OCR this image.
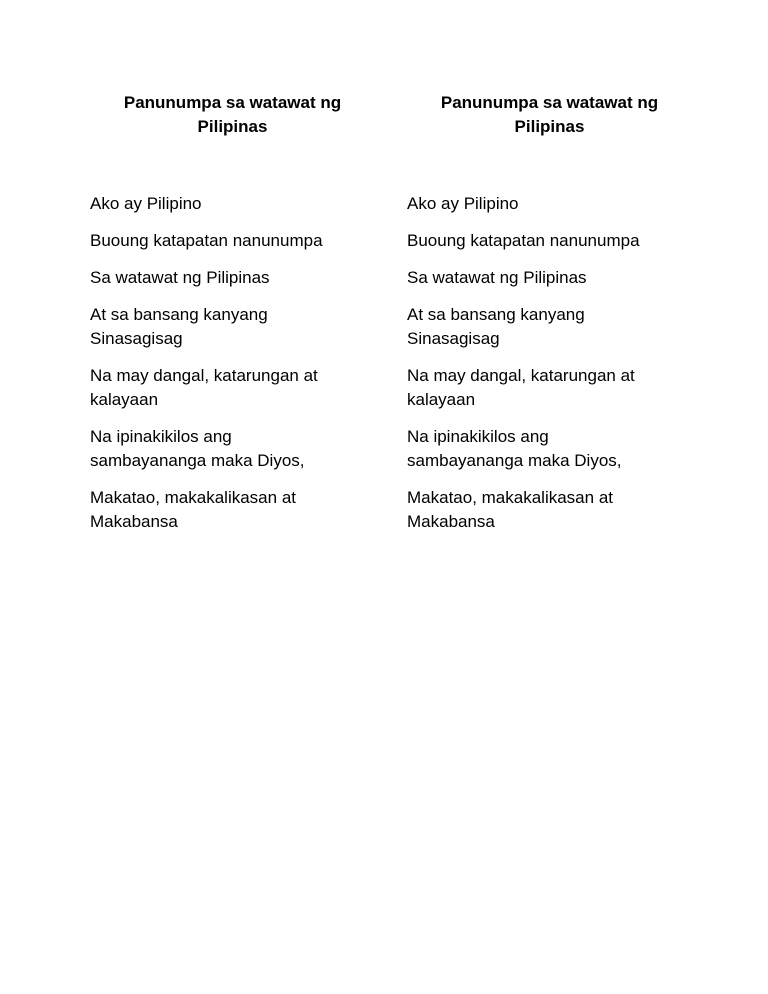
Panunumpa sa watawat ng
Pilipinas

Ako ay Pilipino

Buoung katapatan nanunumpa

Sa watawat ng Pilipinas

At sa bansang kanyang
Sinasagisag

Na may dangal, katarungan at
kalayaan

Na ipinakikilos ang
sambayananga maka Diyos,

Makatao, makakalikasan at
Makabansa

Panunumpa sa watawat ng
Pilipinas

Ako ay Pilipino

Buoung katapatan nanunumpa

Sa watawat ng Pilipinas

At sa bansang kanyang
Sinasagisag

Na may dangal, katarungan at
kalayaan

Na ipinakikilos ang
sambayananga maka Diyos,

Makatao, makakalikasan at
Makabansa
